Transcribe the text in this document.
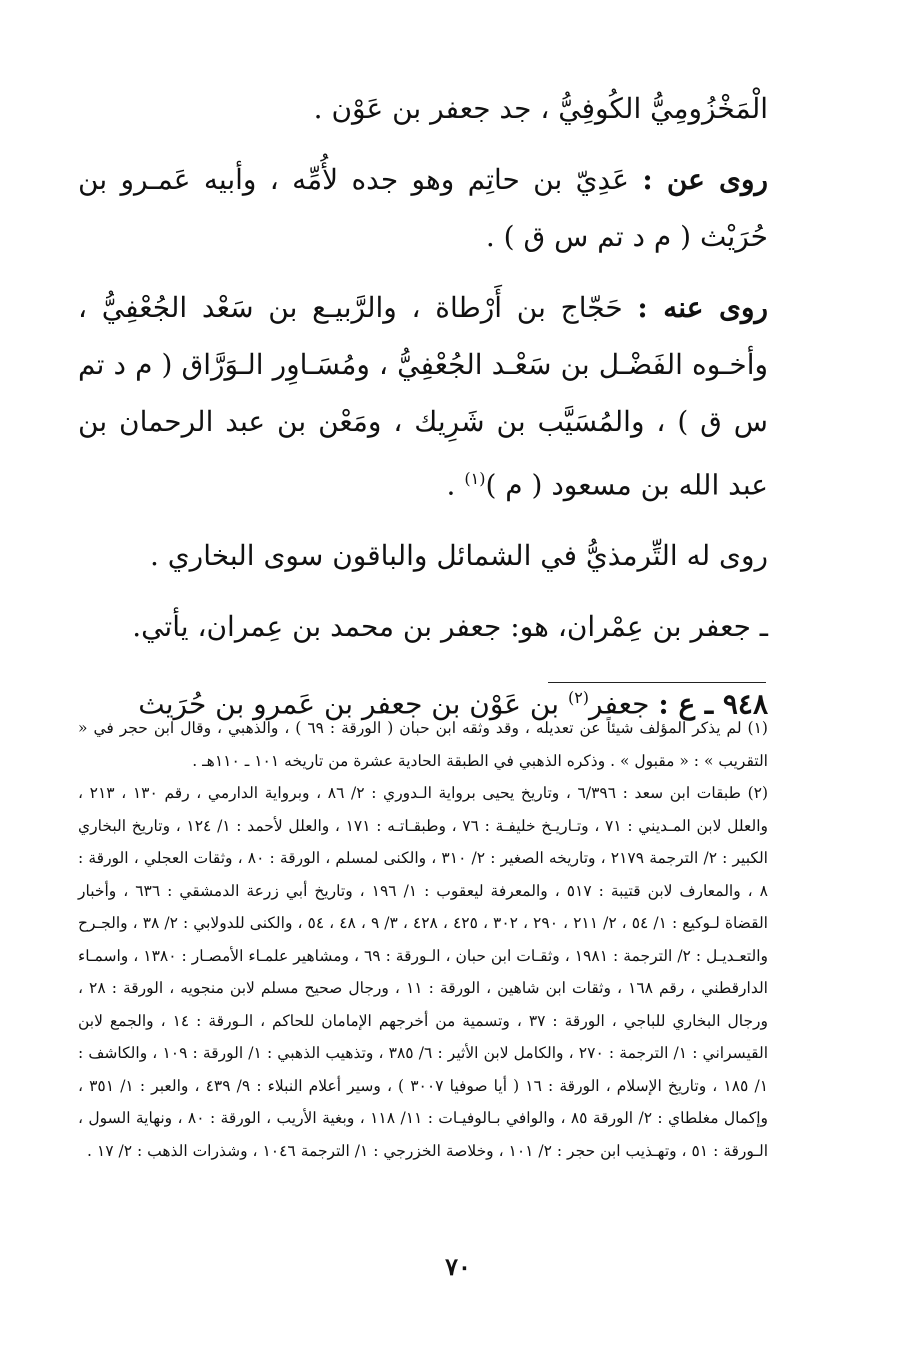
الْمَخْزُومِيُّ الكُوفِيُّ ، جد جعفر بن عَوْن .

روى عن : عَدِيّ بن حاتِم وهو جده لأُمِّه ، وأبيه عَمـرو بن حُرَيْث ( م د تم س ق ) .

روى عنه : حَجّاج بن أَرْطاة ، والرَّبيـع بن سَعْد الجُعْفِيُّ ، وأخـوه الفَضْـل بن سَعْـد الجُعْفِيُّ ، ومُسَـاوِر الـوَرَّاق ( م د تم س ق ) ، والمُسَيَّب بن شَرِيك ، ومَعْن بن عبد الرحمان بن عبد الله بن مسعود ( م )$^{(١)}$ .

روى له التِّرمذيُّ في الشمائل والباقون سوى البخاري .

ـ جعفر بن عِمْران، هو: جعفر بن محمد بن عِمران، يأتي.

٩٤٨ ـ ع : جعفر$^{(٢)}$ بن عَوْن بن جعفر بن عَمرو بن حُرَيث

(١) لم يذكر المؤلف شيئاً عن تعديله ، وقد وثقه ابن حبان ( الورقة : ٦٩ ) ، والذهبي ، وقال ابن حجر في « التقريب » : « مقبول » . وذكره الذهبي في الطبقة الحادية عشرة من تاريخه ١٠١ ـ ١١٠هـ .

(٢) طبقات ابن سعد : ٦/٣٩٦ ، وتاريخ يحيى برواية الـدوري : ٢/ ٨٦ ، وبرواية الدارمي ، رقم ١٣٠ ، ٢١٣ ، والعلل لابن المـديني : ٧١ ، وتـاريـخ خليفـة : ٧٦ ، وطبقـاتـه : ١٧١ ، والعلل لأحمد : ١/ ١٢٤ ، وتاريخ البخاري الكبير : ٢/ الترجمة ٢١٧٩ ، وتاريخه الصغير : ٢/ ٣١٠ ، والكنى لمسلم ، الورقة : ٨٠ ، وثقات العجلي ، الورقة : ٨ ، والمعارف لابن قتيبة : ٥١٧ ، والمعرفة ليعقوب : ١/ ١٩٦ ، وتاريخ أبي زرعة الدمشقي : ٦٣٦ ، وأخبار القضاة لـوكيع : ١/ ٥٤ ، ٢/ ٢١١ ، ٢٩٠ ، ٣٠٢ ، ٤٢٥ ، ٤٢٨ ، ٣/ ٩ ، ٤٨ ، ٥٤ ، والكنى للدولابي : ٢/ ٣٨ ، والجـرح والتعـديـل : ٢/ الترجمة : ١٩٨١ ، وثقـات ابن حبان ، الـورقة : ٦٩ ، ومشاهير علمـاء الأمصـار : ١٣٨٠ ، واسمـاء الدارقطني ، رقم ١٦٨ ، وثقات ابن شاهين ، الورقة : ١١ ، ورجال صحيح مسلم لابن منجويه ، الورقة : ٢٨ ، ورجال البخاري للباجي ، الورقة : ٣٧ ، وتسمية من أخرجهم الإمامان للحاكم ، الـورقة : ١٤ ، والجمع لابن القيسراني : ١/ الترجمة : ٢٧٠ ، والكامل لابن الأثير : ٦/ ٣٨٥ ، وتذهيب الذهبي : ١/ الورقة : ١٠٩ ، والكاشف : ١/ ١٨٥ ، وتاريخ الإسلام ، الورقة : ١٦ ( أيا صوفيا ٣٠٠٧ ) ، وسير أعلام النبلاء : ٩/ ٤٣٩ ، والعبر : ١/ ٣٥١ ، وإكمال مغلطاي : ٢/ الورقة ٨٥ ، والوافي بـالوفيـات : ١١/ ١١٨ ، وبغية الأريب ، الورقة : ٨٠ ، ونهاية السول ، الـورقة : ٥١ ، وتهـذيب ابن حجر : ٢/ ١٠١ ، وخلاصة الخزرجي : ١/ الترجمة ١٠٤٦ ، وشذرات الذهب : ٢/ ١٧ .

٧٠
